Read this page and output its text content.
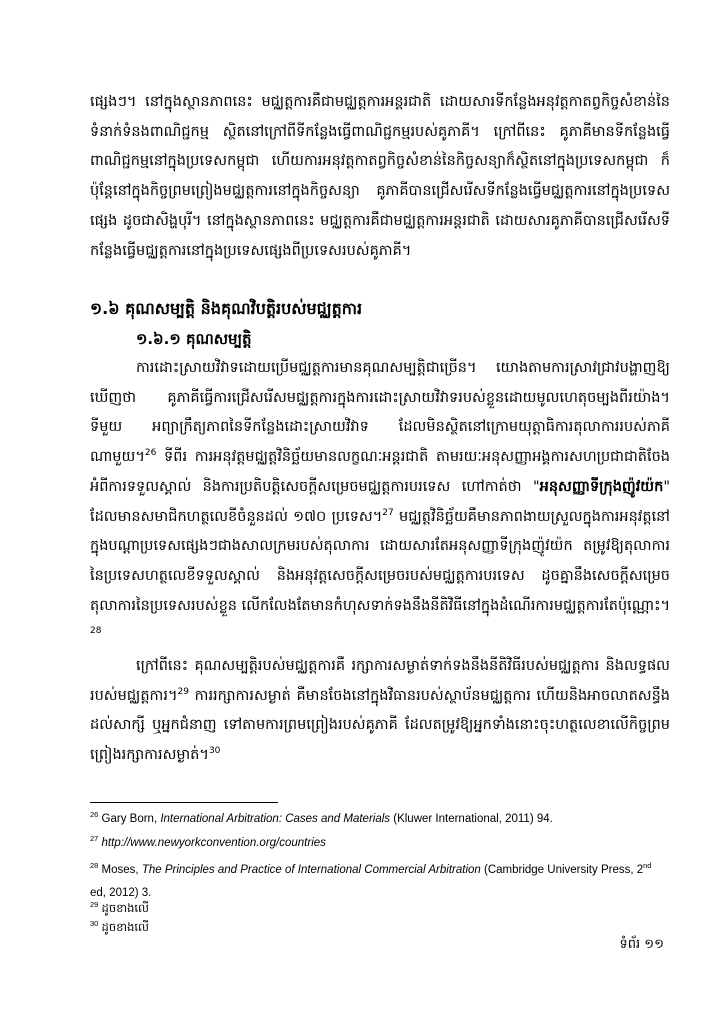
ផ្សេងៗ។ នៅក្នុងស្ថានភាពនេះ មជ្ឈត្តការគឺជាមជ្ឈត្តការអន្តរជាតិ ដោយសារទីកន្លែងអនុវត្តកាតព្វកិច្ចសំខាន់នៃទំនាក់ទំនងពាណិជ្ជកម្ម ស្ថិតនៅក្រៅពីទីកន្លែងធ្វើពាណិជ្ជកម្មរបស់គូភាគី។ ក្រៅពីនេះ គូភាគីមានទីកន្លែងធ្វើពាណិជ្ជកម្មនៅក្នុងប្រទេសកម្ពុជា ហើយការអនុវត្តកាតព្វកិច្ចសំខាន់នៃកិច្ចសន្យាក៏ស្ថិតនៅក្នុងប្រទេសកម្ពុជា ក៏ប៉ុន្តែនៅក្នុងកិច្ចព្រមព្រៀងមជ្ឈត្តការនៅក្នុងកិច្ចសន្យា គូភាគីបានជ្រើសរើសទីកន្លែងធ្វើមជ្ឈត្តការនៅក្នុងប្រទេសផ្សេង ដូចជាសិង្ហបុរី។ នៅក្នុងស្ថានភាពនេះ មជ្ឈត្តការគឺជាមជ្ឈត្តការអន្តរជាតិ ដោយសារគូភាគីបានជ្រើសរើសទីកន្លែងធ្វើមជ្ឈត្តការនៅក្នុងប្រទេសផ្សេងពីប្រទេសរបស់គូភាគី។

១.៦ គុណសម្បត្តិ និងគុណវិបត្តិរបស់មជ្ឈត្តការ

១.៦.១ គុណសម្បត្តិ

ការដោះស្រាយវិវាទដោយប្រើមជ្ឈត្តការមានគុណសម្បត្តិជាច្រើន។ យោងតាមការស្រាវជ្រាវបង្ហាញឱ្យឃើញថា គូភាគីធ្វើការជ្រើសរើសមជ្ឈត្តការក្នុងការដោះស្រាយវិវាទរបស់ខ្លួនដោយមូលហេតុចម្បងពីរយ៉ាង។ ទីមួយ អព្យាក្រឹត្យភាពនៃទីកន្លែងដោះស្រាយវិវាទ ដែលមិនស្ថិតនៅក្រោមយុត្តាធិការតុលាការរបស់ភាគីណាមួយ។$^{26}$ ទីពីរ ការអនុវត្តមជ្ឈត្តវិនិច្ឆ័យមានលក្ខណៈអន្តរជាតិ តាមរយៈអនុសញ្ញាអង្គការសហប្រជាជាតិចែងអំពីការទទួលស្គាល់ និងការប្រតិបត្តិសេចក្តីសម្រេចមជ្ឈត្តការបរទេស ហៅកាត់ថា "អនុសញ្ញាទីក្រុងញ៉ូវយ៉ក" ដែលមានសមាជិកហត្ថលេខីចំនួនដល់ ១៧០ ប្រទេស។$^{27}$ មជ្ឈត្តវិនិច្ឆ័យគឺមានភាពងាយស្រួលក្នុងការអនុវត្តនៅក្នុងបណ្តាប្រទេសផ្សេងៗជាងសាលក្រមរបស់តុលាការ ដោយសារតែអនុសញ្ញាទីក្រុងញ៉ូវយ៉ក តម្រូវឱ្យតុលាការនៃប្រទេសហត្ថលេខីទទួលស្គាល់ និងអនុវត្តសេចក្តីសម្រេចរបស់មជ្ឈត្តការបរទេស ដូចគ្នានឹងសេចក្តីសម្រេចតុលាការនៃប្រទេសរបស់ខ្លួន លើកលែងតែមានកំហុសទាក់ទងនឹងនីតិវិធីនៅក្នុងដំណើរការមជ្ឈត្តការតែប៉ុណ្ណោះ។$^{28}$

ក្រៅពីនេះ គុណសម្បត្តិរបស់មជ្ឈត្តការគឺ រក្សាការសម្ងាត់ទាក់ទងនឹងនីតិវិធីរបស់មជ្ឈត្តការ និងលទ្ធផលរបស់មជ្ឈត្តការ។$^{29}$ ការរក្សាការសម្ងាត់ គឺមានចែងនៅក្នុងវិធានរបស់ស្ថាប័នមជ្ឈត្តការ ហើយនិងអាចលាតសន្ធឹងដល់សាក្សី ឬអ្នកជំនាញ ទៅតាមការព្រមព្រៀងរបស់គូភាគី ដែលតម្រូវឱ្យអ្នកទាំងនោះចុះហត្ថលេខាលើកិច្ចព្រមព្រៀងរក្សាការសម្ងាត់។$^{30}$

$^{26}$ Gary Born, International Arbitration: Cases and Materials (Kluwer International, 2011) 94.

$^{27}$ http://www.newyorkconvention.org/countries

$^{28}$ Moses, The Principles and Practice of International Commercial Arbitration (Cambridge University Press, 2nd ed, 2012) 3.

$^{29}$ ដូចខាងលើ

$^{30}$ ដូចខាងលើ

ទំព័រ ១១
